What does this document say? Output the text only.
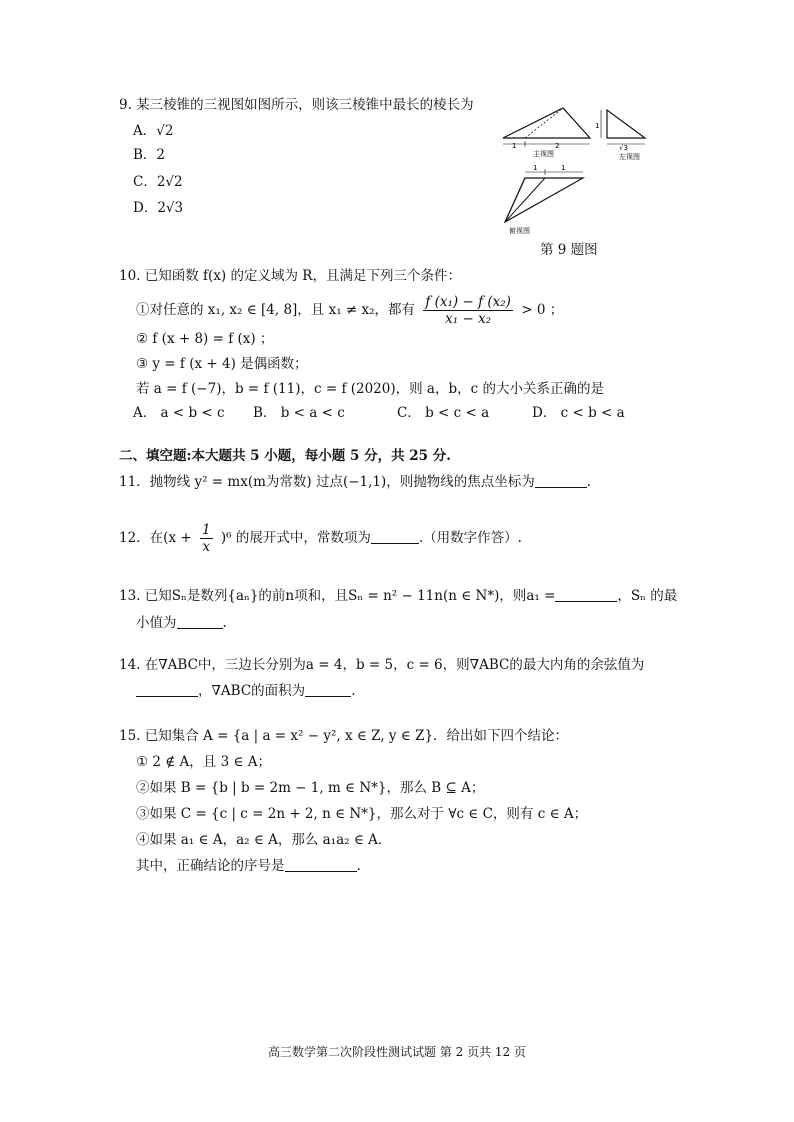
9. 某三棱锥的三视图如图所示，则该三棱锥中最长的棱长为
A．√2
B．2
C．2√2
D．2√3
1	2
主视图
1
√3
左视图
1	1
俯视图
第 9 题图
10. 已知函数 f(x) 的定义域为 R，且满足下列三个条件：
①对任意的 x₁, x₂ ∈ [4, 8]，且 x₁ ≠ x₂，都有 $\frac{\text{f (x₁) − f (x₂)}}{\text{x₁ − x₂}} > 0$ ；
② f (x + 8) = f (x) ；
③ y = f (x + 4) 是偶函数；
若 a = f (−7)，b = f (11)，c = f (2020)，则 a，b，c 的大小关系正确的是
A． a < b < c B． b < a < c	C． b < c < a	D． c < b < a
二、填空题:本大题共 5 小题，每小题 5 分，共 25 分.
11．抛物线 y² = mx(m为常数) 过点(−1,1)，则抛物线的焦点坐标为	.
12．在$(x + \frac{1}{x} )^6$ 的展开式中，常数项为	.（用数字作答）.
13. 已知Sₙ是数列{aₙ}的前n项和，且Sₙ = n² − 11n(n ∈ N*)，则a₁ =	，Sₙ 的最
小值为	.
14. 在∇ABC中，三边长分别为a = 4，b = 5，c = 6，则∇ABC的最大内角的余弦值为
，∇ABC的面积为	.
15. 已知集合 A = {a | a = x² − y², x ∈ Z, y ∈ Z}．给出如下四个结论：
① 2 ∉ A，且 3 ∈ A；
②如果 B = {b | b = 2m − 1, m ∈ N*}，那么 B ⊆ A；
③如果 C = {c | c = 2n + 2, n ∈ N*}，那么对于 ∀c ∈ C，则有 c ∈ A；
④如果 a₁ ∈ A，a₂ ∈ A，那么 a₁a₂ ∈ A．
其中，正确结论的序号是	.
高三数学第二次阶段性测试试题 第 2 页共 12 页
